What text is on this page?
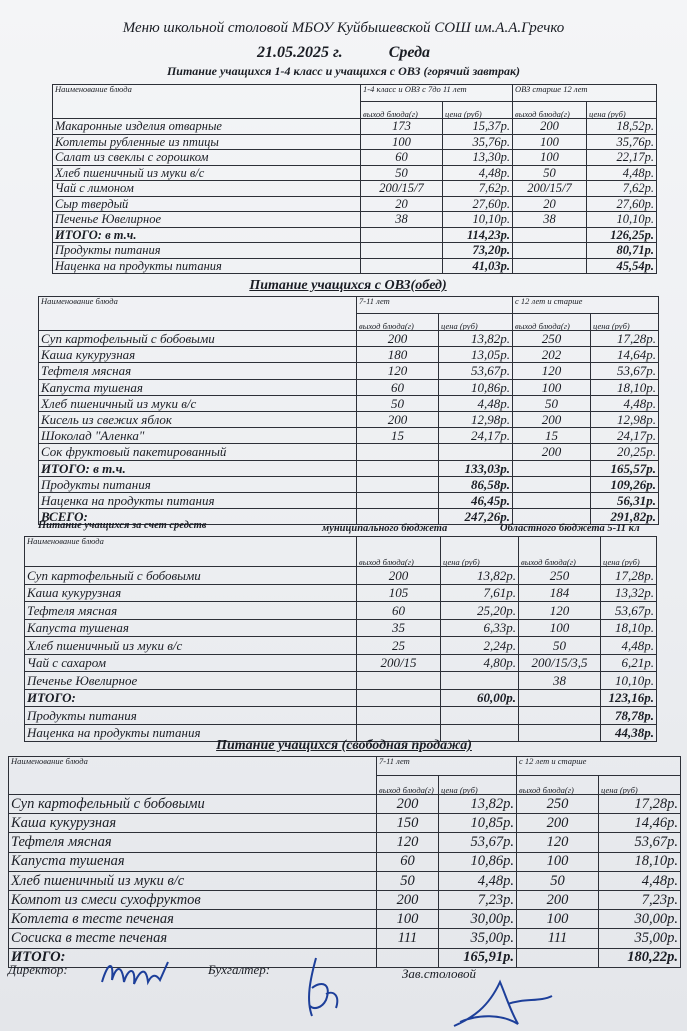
Меню школьной столовой МБОУ Куйбышевской СОШ им.А.А.Гречко
21.05.2025 г.	Среда
Питание учащихся 1-4 класс и учащихся с ОВЗ (горячий завтрак)
Наименование блюда	1-4 класс и ОВЗ с 7до 11 лет		ОВЗ старше 12 лет	
	выход блюда(г)	цена (руб)	выход блюда(г)	цена (руб)
Макаронные изделия отварные	173	15,37р.	200	18,52р.
Котлеты рубленные из птицы	100	35,76р.	100	35,76р.
Салат из свеклы с горошком	60	13,30р.	100	22,17р.
Хлеб пшеничный из муки в/с	50	4,48р.	50	4,48р.
Чай с лимоном	200/15/7	7,62р.	200/15/7	7,62р.
Сыр твердый	20	27,60р.	20	27,60р.
Печенье Ювелирное	38	10,10р.	38	10,10р.
ИТОГО: в т.ч.		114,23р.		126,25р.
Продукты питания		73,20р.		80,71р.
Наценка на продукты питания		41,03р.		45,54р.
Питание учащихся с ОВЗ(обед)
Наименование блюда	7-11 лет		с 12 лет и старше	
	выход блюда(г)	цена (руб)	выход блюда(г)	цена (руб)
Суп картофельный с бобовыми	200	13,82р.	250	17,28р.
Каша кукурузная	180	13,05р.	202	14,64р.
Тефтеля мясная	120	53,67р.	120	53,67р.
Капуста тушеная	60	10,86р.	100	18,10р.
Хлеб пшеничный из муки в/с	50	4,48р.	50	4,48р.
Кисель из свежих яблок	200	12,98р.	200	12,98р.
Шоколад "Аленка"	15	24,17р.	15	24,17р.
Сок фруктовый пакетированный			200	20,25р.
ИТОГО: в т.ч.		133,03р.		165,57р.
Продукты питания		86,58р.		109,26р.
Наценка на продукты питания		46,45р.		56,31р.
ВСЕГО:		247,26р.		291,82р.
Питание учащихся за счет средств	муниципального бюджета	Областного бюджета 5-11 кл
Наименование блюда	выход блюда(г)	цена (руб)	выход блюда(г)	цена (руб)
Суп картофельный с бобовыми	200	13,82р.	250	17,28р.
Каша кукурузная	105	7,61р.	184	13,32р.
Тефтеля мясная	60	25,20р.	120	53,67р.
Капуста тушеная	35	6,33р.	100	18,10р.
Хлеб пшеничный из муки в/с	25	2,24р.	50	4,48р.
Чай с сахаром	200/15	4,80р.	200/15/3,5	6,21р.
Печенье Ювелирное			38	10,10р.
ИТОГО:		60,00р.		123,16р.
Продукты питания				78,78р.
Наценка на продукты питания				44,38р.
Питание учащихся (свободная продажа)
Наименование блюда	7-11 лет		с 12 лет и старше	
	выход блюда(г)	цена (руб)	выход блюда(г)	цена (руб)
Суп картофельный с бобовыми	200	13,82р.	250	17,28р.
Каша кукурузная	150	10,85р.	200	14,46р.
Тефтеля мясная	120	53,67р.	120	53,67р.
Капуста тушеная	60	10,86р.	100	18,10р.
Хлеб пшеничный из муки в/с	50	4,48р.	50	4,48р.
Компот из смеси сухофруктов	200	7,23р.	200	7,23р.
Котлета в тесте печеная	100	30,00р.	100	30,00р.
Сосиска в тесте печеная	111	35,00р.	111	35,00р.
ИТОГО:		165,91р.		180,22р.
Директор:	Бухгалтер:	Зав.столовой
